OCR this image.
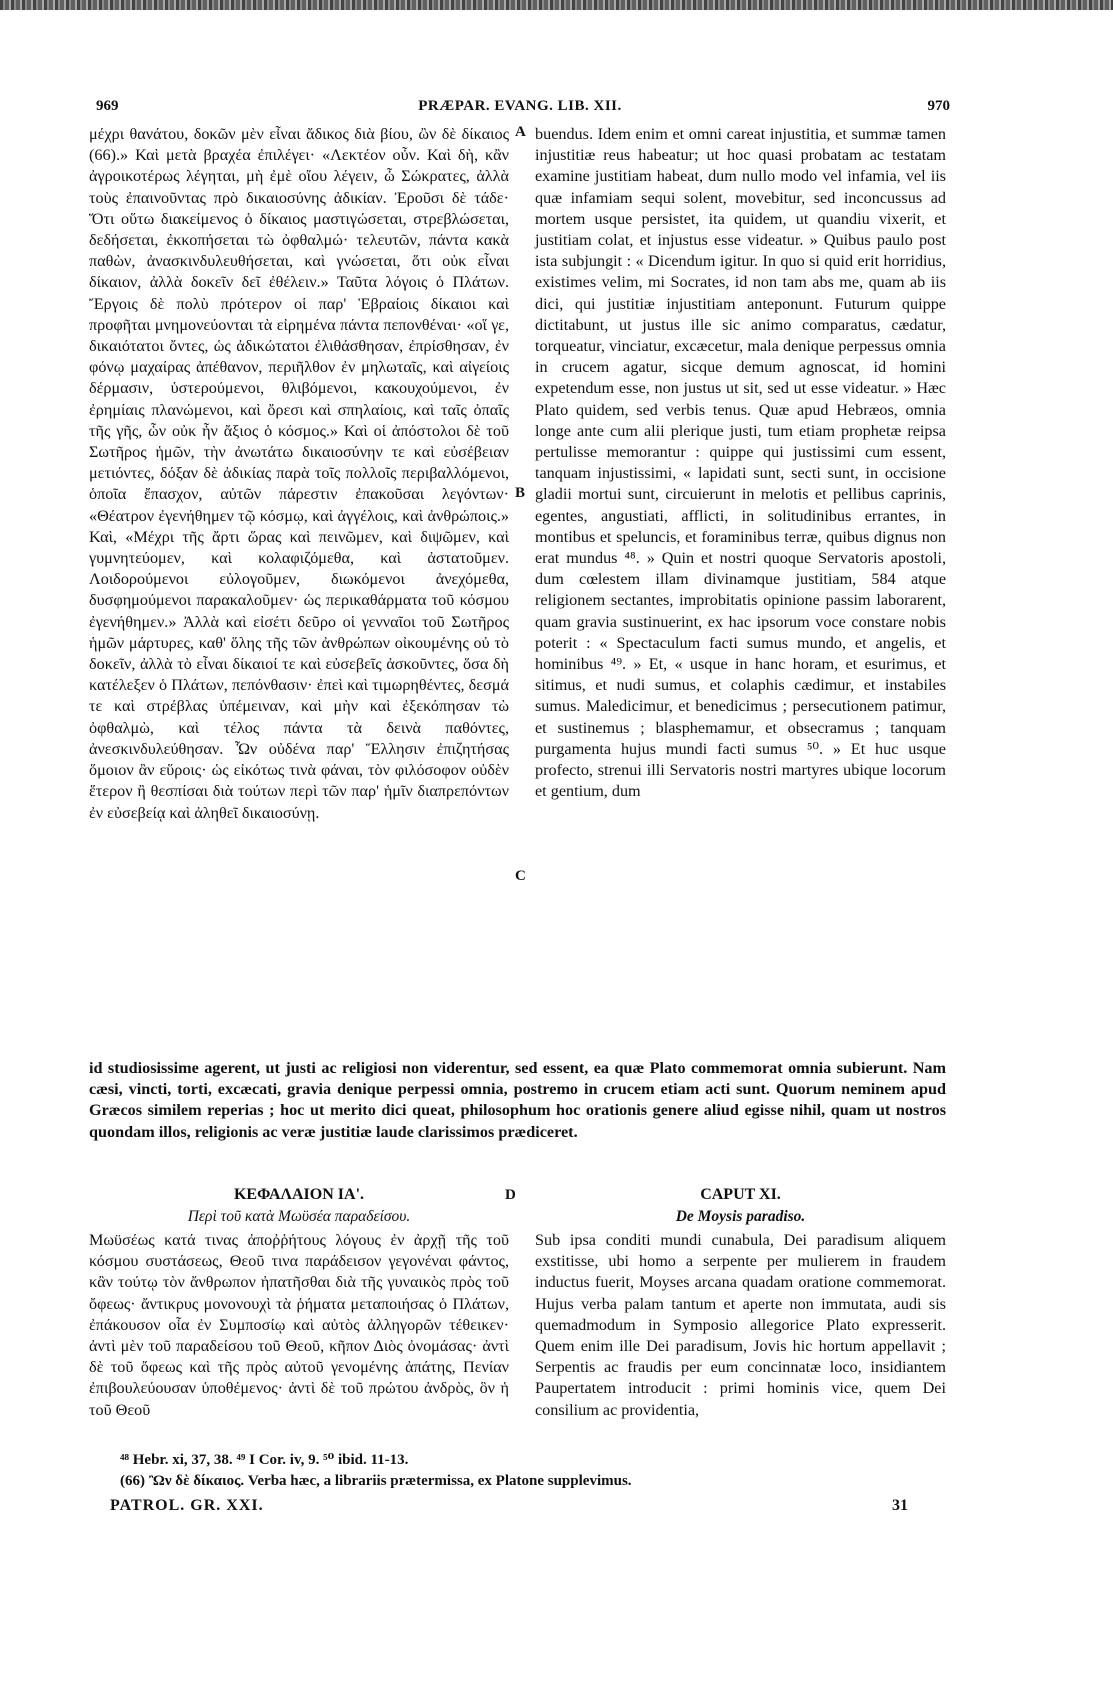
969	PRÆPAR. EVANG. LIB. XII.	970
A
B
C
D

μέχρι θανάτου, δοκῶν μὲν εἶναι ἄδικος διὰ βίου, ὢν δὲ δίκαιος (66).» Καὶ μετὰ βραχέα ἐπιλέγει· «Λεκτέον οὖν. Καὶ δὴ, κἂν ἀγροικοτέρως λέγηται, μὴ ἐμὲ οἴου λέγειν, ὦ Σώκρατες, ἀλλὰ τοὺς ἐπαινοῦντας πρὸ δικαιοσύνης ἀδικίαν. Ἐροῦσι δὲ τάδε· Ὅτι οὕτω διακείμενος ὁ δίκαιος μαστιγώσεται, στρεβλώσεται, δεδήσεται, ἐκκοπήσεται τὼ ὀφθαλμώ· τελευτῶν, πάντα κακὰ παθὼν, ἀνασκινδυλευθήσεται, καὶ γνώσεται, ὅτι οὐκ εἶναι δίκαιον, ἀλλὰ δοκεῖν δεῖ ἐθέλειν.» Ταῦτα λόγοις ὁ Πλάτων. Ἔργοις δὲ πολὺ πρότερον οἱ παρ' Ἑβραίοις δίκαιοι καὶ προφῆται μνημονεύονται τὰ εἰρημένα πάντα πεπονθέναι· «οἵ γε, δικαιότατοι ὄντες, ὡς ἀδικώτατοι ἐλιθάσθησαν, ἐπρίσθησαν, ἐν φόνῳ μαχαίρας ἀπέθανον, περιῆλθον ἐν μηλωταῖς, καὶ αἰγείοις δέρμασιν, ὑστερούμενοι, θλιβόμενοι, κακουχούμενοι, ἐν ἐρημίαις πλανώμενοι, καὶ ὄρεσι καὶ σπηλαίοις, καὶ ταῖς ὀπαῖς τῆς γῆς, ὧν οὐκ ἦν ἄξιος ὁ κόσμος.» Καὶ οἱ ἀπόστολοι δὲ τοῦ Σωτῆρος ἡμῶν, τὴν ἀνωτάτω δικαιοσύνην τε καὶ εὐσέβειαν μετιόντες, δόξαν δὲ ἀδικίας παρὰ τοῖς πολλοῖς περιβαλλόμενοι, ὁποῖα ἔπασχον, αὐτῶν πάρεστιν ἐπακοῦσαι λεγόντων· «Θέατρον ἐγενήθημεν τῷ κόσμῳ, καὶ ἀγγέλοις, καὶ ἀνθρώποις.» Καὶ, «Μέχρι τῆς ἄρτι ὥρας καὶ πεινῶμεν, καὶ διψῶμεν, καὶ γυμνητεύομεν, καὶ κολαφιζόμεθα, καὶ ἀστατοῦμεν. Λοιδορούμενοι εὐλογοῦμεν, διωκόμενοι ἀνεχόμεθα, δυσφημούμενοι παρακαλοῦμεν· ὡς περικαθάρματα τοῦ κόσμου ἐγενήθημεν.» Ἀλλὰ καὶ εἰσέτι δεῦρο οἱ γενναῖοι τοῦ Σωτῆρος ἡμῶν μάρτυρες, καθ' ὅλης τῆς τῶν ἀνθρώπων οἰκουμένης οὐ τὸ δοκεῖν, ἀλλὰ τὸ εἶναι δίκαιοί τε καὶ εὐσεβεῖς ἀσκοῦντες, ὅσα δὴ κατέλεξεν ὁ Πλάτων, πεπόνθασιν· ἐπεὶ καὶ τιμωρηθέντες, δεσμά τε καὶ στρέβλας ὑπέμειναν, καὶ μὴν καὶ ἐξεκόπησαν τὼ ὀφθαλμὼ, καὶ τέλος πάντα τὰ δεινὰ παθόντες, ἀνεσκινδυλεύθησαν. Ὧν οὐδένα παρ' Ἕλλησιν ἐπιζητήσας ὅμοιον ἂν εὕροις· ὡς εἰκότως τινὰ φάναι, τὸν φιλόσοφον οὐδὲν ἕτερον ἢ θεσπίσαι διὰ τούτων περὶ τῶν παρ' ἡμῖν διαπρεπόντων ἐν εὐσεβείᾳ καὶ ἀληθεῖ δικαιοσύνῃ.

buendus. Idem enim et omni careat injustitia, et summæ tamen injustitiæ reus habeatur; ut hoc quasi probatam ac testatam examine justitiam habeat, dum nullo modo vel infamia, vel iis quæ infamiam sequi solent, movebitur, sed inconcussus ad mortem usque persistet, ita quidem, ut quandiu vixerit, et justitiam colat, et injustus esse videatur. » Quibus paulo post ista subjungit : « Dicendum igitur. In quo si quid erit horridius, existimes velim, mi Socrates, id non tam abs me, quam ab iis dici, qui justitiæ injustitiam anteponunt. Futurum quippe dictitabunt, ut justus ille sic animo comparatus, cædatur, torqueatur, vinciatur, excæcetur, mala denique perpessus omnia in crucem agatur, sicque demum agnoscat, id homini expetendum esse, non justus ut sit, sed ut esse videatur. » Hæc Plato quidem, sed verbis tenus. Quæ apud Hebræos, omnia longe ante cum alii plerique justi, tum etiam prophetæ reipsa pertulisse memorantur : quippe qui justissimi cum essent, tanquam injustissimi, « lapidati sunt, secti sunt, in occisione gladii mortui sunt, circuierunt in melotis et pellibus caprinis, egentes, angustiati, afflicti, in solitudinibus errantes, in montibus et speluncis, et foraminibus terræ, quibus dignus non erat mundus ⁴⁸. » Quin et nostri quoque Servatoris apostoli, dum cœlestem illam divinamque justitiam, 584 atque religionem sectantes, improbitatis opinione passim laborarent, quam gravia sustinuerint, ex hac ipsorum voce constare nobis poterit : « Spectaculum facti sumus mundo, et angelis, et hominibus ⁴⁹. » Et, « usque in hanc horam, et esurimus, et sitimus, et nudi sumus, et colaphis cædimur, et instabiles sumus. Maledicimur, et benedicimus ; persecutionem patimur, et sustinemus ; blasphemamur, et obsecramus ; tanquam purgamenta hujus mundi facti sumus ⁵⁰. » Et huc usque profecto, strenui illi Servatoris nostri martyres ubique locorum et gentium, dum

id studiosissime agerent, ut justi ac religiosi non viderentur, sed essent, ea quæ Plato commemorat omnia subierunt. Nam cæsi, vincti, torti, excæcati, gravia denique perpessi omnia, postremo in crucem etiam acti sunt. Quorum neminem apud Græcos similem reperias ; hoc ut merito dici queat, philosophum hoc orationis genere aliud egisse nihil, quam ut nostros quondam illos, religionis ac veræ justitiæ laude clarissimos prædiceret.
ΚΕΦΑΛΑΙΟΝ ΙΑ'.
Περὶ τοῦ κατὰ Μωϋσέα παραδείσου.
CAPUT XI.
De Moysis paradiso.

Μωϋσέως κατά τινας ἀποῤῥήτους λόγους ἐν ἀρχῇ τῆς τοῦ κόσμου συστάσεως, Θεοῦ τινα παράδεισον γεγονέναι φάντος, κἂν τούτῳ τὸν ἄνθρωπον ἠπατῆσθαι διὰ τῆς γυναικὸς πρὸς τοῦ ὄφεως· ἄντικρυς μονονουχὶ τὰ ῥήματα μεταποιήσας ὁ Πλάτων, ἐπάκουσον οἷα ἐν Συμποσίῳ καὶ αὐτὸς ἀλληγορῶν τέθεικεν· ἀντὶ μὲν τοῦ παραδείσου τοῦ Θεοῦ, κῆπον Διὸς ὀνομάσας· ἀντὶ δὲ τοῦ ὄφεως καὶ τῆς πρὸς αὐτοῦ γενομένης ἀπάτης, Πενίαν ἐπιβουλεύουσαν ὑποθέμενος· ἀντὶ δὲ τοῦ πρώτου ἀνδρὸς, ὃν ἡ τοῦ Θεοῦ

Sub ipsa conditi mundi cunabula, Dei paradisum aliquem exstitisse, ubi homo a serpente per mulierem in fraudem inductus fuerit, Moyses arcana quadam oratione commemorat. Hujus verba palam tantum et aperte non immutata, audi sis quemadmodum in Symposio allegorice Plato expresserit. Quem enim ille Dei paradisum, Jovis hic hortum appellavit ; Serpentis ac fraudis per eum concinnatæ loco, insidiantem Paupertatem introducit : primi hominis vice, quem Dei consilium ac providentia,

⁴⁸ Hebr. xi, 37, 38. ⁴⁹ I Cor. iv, 9. ⁵⁰ ibid. 11-13.
(66) Ὢν δὲ δίκαιος. Verba hæc, a librariis prætermissa, ex Platone supplevimus.
PATROL. GR. XXI.	31
